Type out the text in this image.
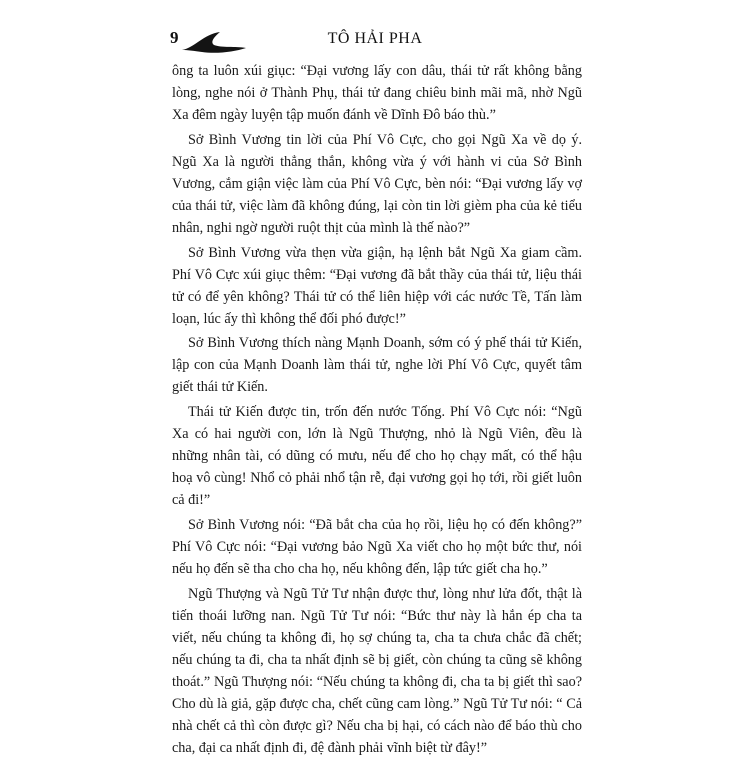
9	TÔ HẢI PHA

ông ta luôn xúi giục: “Đại vương lấy con dâu, thái tử rất không bằng lòng, nghe nói ở Thành Phụ, thái tử đang chiêu binh mãi mã, nhờ Ngũ Xa đêm ngày luyện tập muốn đánh về Dĩnh Đô báo thù.”

Sở Bình Vương tin lời của Phí Vô Cực, cho gọi Ngũ Xa về dọ ý. Ngũ Xa là người thẳng thắn, không vừa ý với hành vi của Sở Bình Vương, cắm giận việc làm của Phí Vô Cực, bèn nói: “Đại vương lấy vợ của thái tử, việc làm đã không đúng, lại còn tin lời gièm pha của kẻ tiểu nhân, nghi ngờ người ruột thịt của mình là thế nào?”

Sở Bình Vương vừa thẹn vừa giận, hạ lệnh bắt Ngũ Xa giam cầm. Phí Vô Cực xúi giục thêm: “Đại vương đã bắt thầy của thái tử, liệu thái tử có để yên không? Thái tử có thể liên hiệp với các nước Tề, Tấn làm loạn, lúc ấy thì không thể đối phó được!”

Sở Bình Vương thích nàng Mạnh Doanh, sớm có ý phế thái tử Kiến, lập con của Mạnh Doanh làm thái tử, nghe lời Phí Vô Cực, quyết tâm giết thái tử Kiến.

Thái tử Kiến được tin, trốn đến nước Tống. Phí Vô Cực nói: “Ngũ Xa có hai người con, lớn là Ngũ Thượng, nhỏ là Ngũ Viên, đều là những nhân tài, có dũng có mưu, nếu để cho họ chạy mất, có thể hậu hoạ vô cùng! Nhổ cỏ phải nhổ tận rễ, đại vương gọi họ tới, rồi giết luôn cả đi!”

Sở Bình Vương nói: “Đã bắt cha của họ rồi, liệu họ có đến không?” Phí Vô Cực nói: “Đại vương bảo Ngũ Xa viết cho họ một bức thư, nói nếu họ đến sẽ tha cho cha họ, nếu không đến, lập tức giết cha họ.”

Ngũ Thượng và Ngũ Tử Tư nhận được thư, lòng như lửa đốt, thật là tiến thoái lưỡng nan. Ngũ Tử Tư nói: “Bức thư này là hắn ép cha ta viết, nếu chúng ta không đi, họ sợ chúng ta, cha ta chưa chắc đã chết; nếu chúng ta đi, cha ta nhất định sẽ bị giết, còn chúng ta cũng sẽ không thoát.” Ngũ Thượng nói: “Nếu chúng ta không đi, cha ta bị giết thì sao? Cho dù là giả, gặp được cha, chết cũng cam lòng.” Ngũ Tử Tư nói: “ Cả nhà chết cả thì còn được gì? Nếu cha bị hại, có cách nào để báo thù cho cha, đại ca nhất định đi, đệ đành phải vĩnh biệt từ đây!”
